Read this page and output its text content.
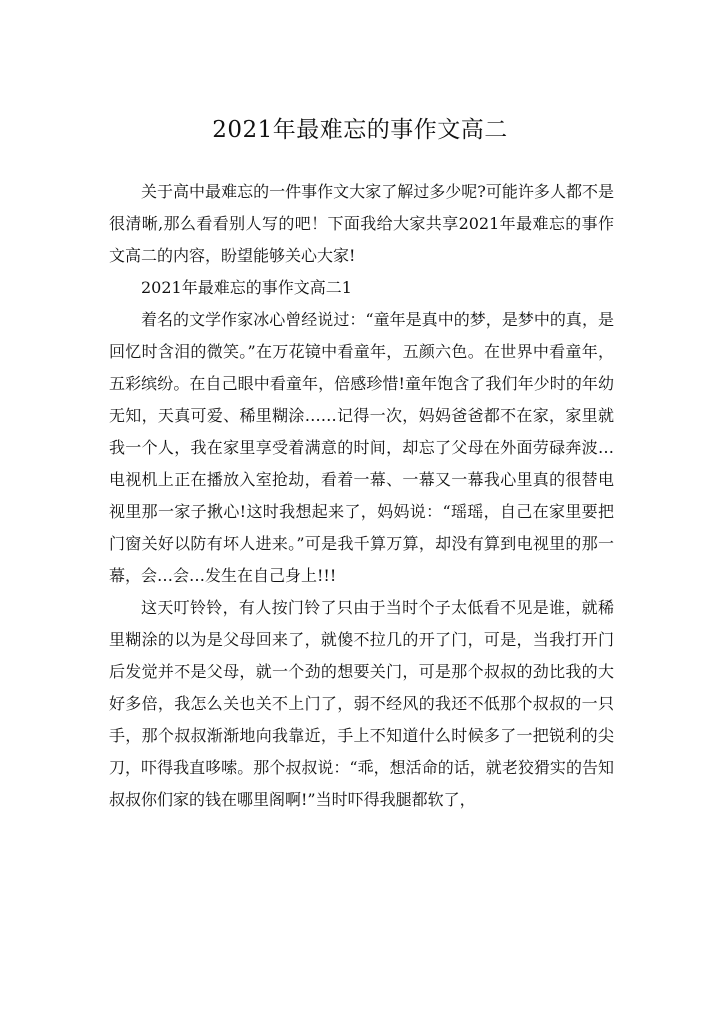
2021年最难忘的事作文高二

关于高中最难忘的一件事作文大家了解过多少呢?可能许多人都不是很清晰,那么看看别人写的吧！下面我给大家共享2021年最难忘的事作文高二的内容，盼望能够关心大家!

2021年最难忘的事作文高二1

着名的文学作家冰心曾经说过：“童年是真中的梦，是梦中的真，是回忆时含泪的微笑。”在万花镜中看童年，五颜六色。在世界中看童年，五彩缤纷。在自己眼中看童年，倍感珍惜!童年饱含了我们年少时的年幼无知，天真可爱、稀里糊涂……记得一次，妈妈爸爸都不在家，家里就我一个人，我在家里享受着满意的时间，却忘了父母在外面劳碌奔波…电视机上正在播放入室抢劫，看着一幕、一幕又一幕我心里真的很替电视里那一家子揪心!这时我想起来了，妈妈说：“瑶瑶，自己在家里要把门窗关好以防有坏人进来。”可是我千算万算，却没有算到电视里的那一幕，会…会…发生在自己身上!!!

这天叮铃铃，有人按门铃了只由于当时个子太低看不见是谁，就稀里糊涂的以为是父母回来了，就傻不拉几的开了门，可是，当我打开门后发觉并不是父母，就一个劲的想要关门，可是那个叔叔的劲比我的大好多倍，我怎么关也关不上门了，弱不经风的我还不低那个叔叔的一只手，那个叔叔渐渐地向我靠近，手上不知道什么时候多了一把锐利的尖刀，吓得我直哆嗦。那个叔叔说：“乖，想活命的话，就老狡猾实的告知叔叔你们家的钱在哪里阁啊!”当时吓得我腿都软了，
